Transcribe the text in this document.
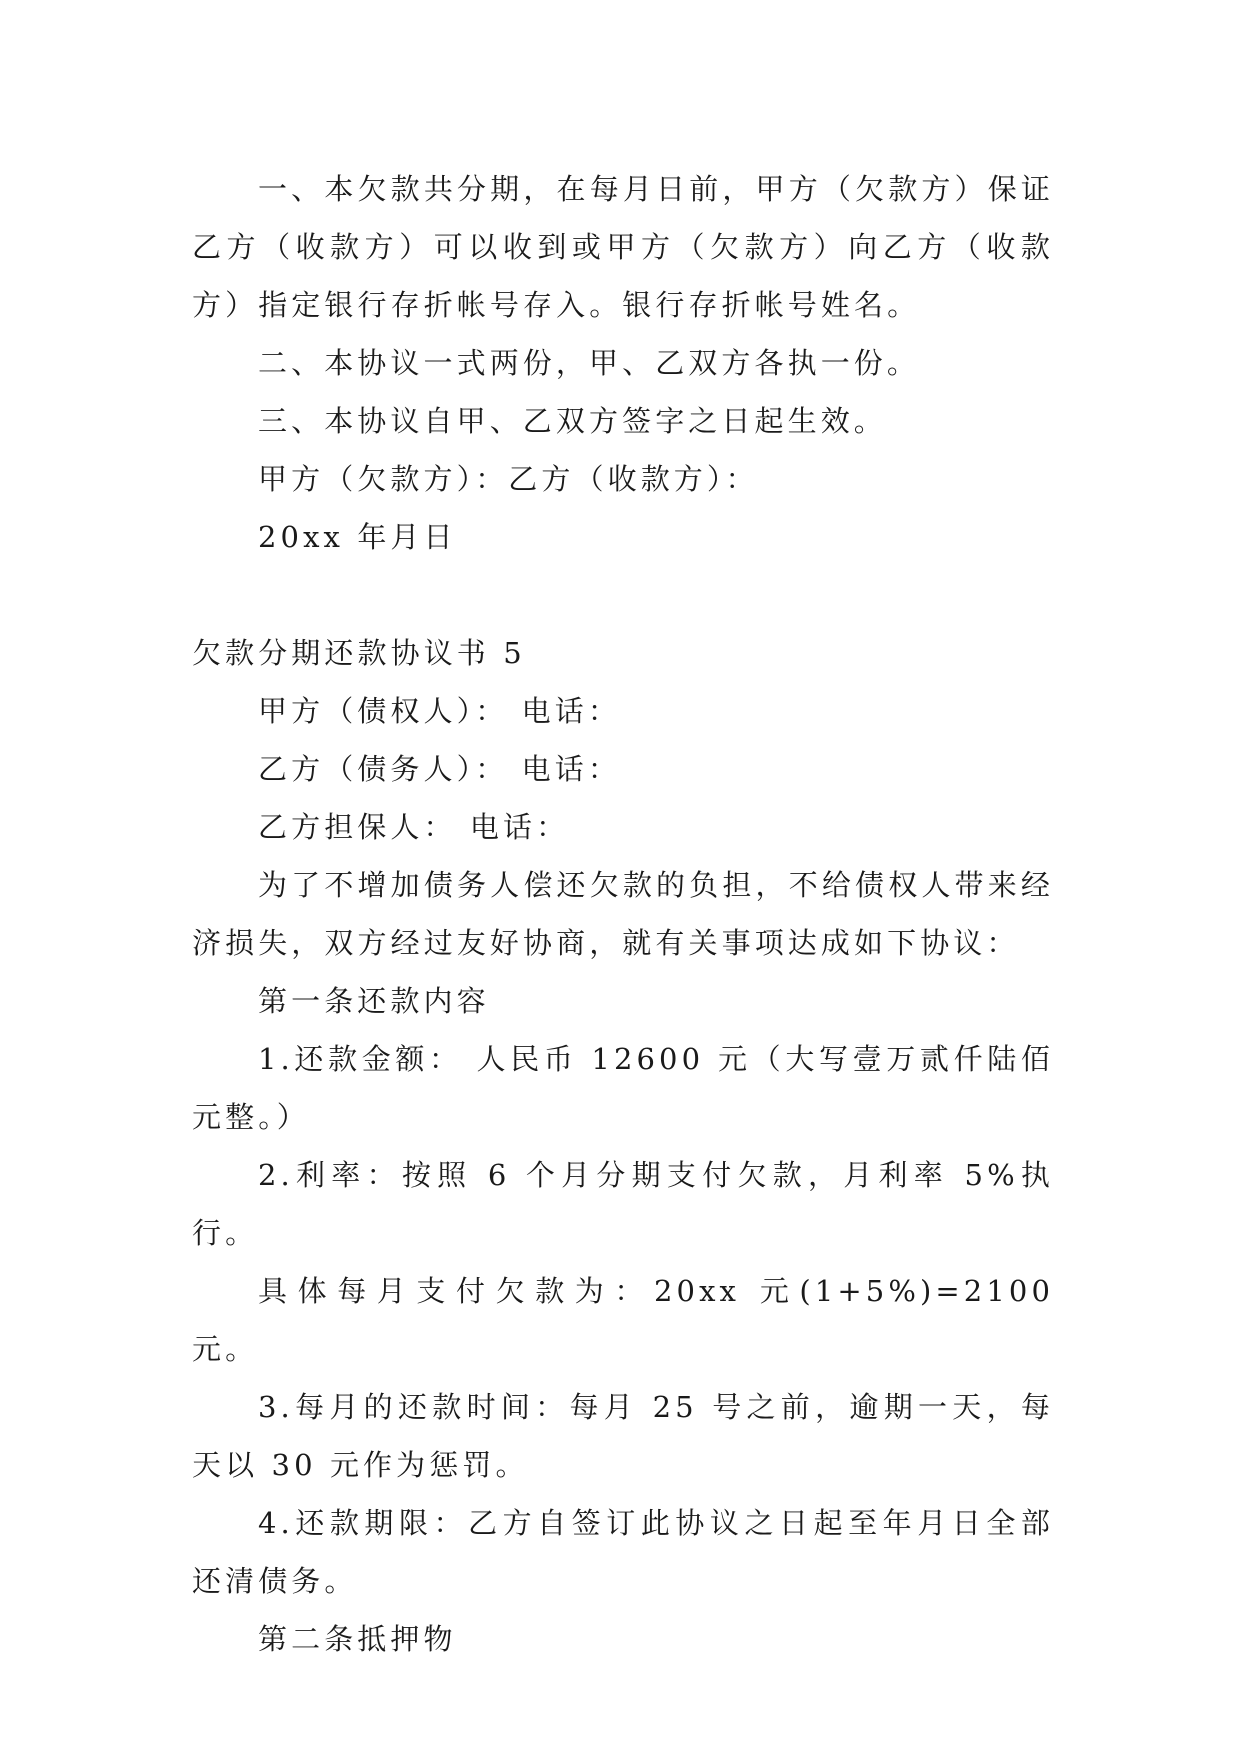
一、本欠款共分期，在每月日前，甲方（欠款方）保证乙方（收款方）可以收到或甲方（欠款方）向乙方（收款方）指定银行存折帐号存入。银行存折帐号姓名。

二、本协议一式两份，甲、乙双方各执一份。

三、本协议自甲、乙双方签字之日起生效。

甲方（欠款方）：乙方（收款方）：

20xx 年月日

欠款分期还款协议书 5

甲方（债权人）： 电话：

乙方（债务人）： 电话：

乙方担保人： 电话：

为了不增加债务人偿还欠款的负担，不给债权人带来经济损失，双方经过友好协商，就有关事项达成如下协议：

第一条还款内容

1.还款金额： 人民币 12600 元（大写壹万贰仟陆佰元整。）

2.利率：按照 6 个月分期支付欠款，月利率 5%执行。

具体每月支付欠款为：20xx 元(1+5%)=2100 元。

3.每月的还款时间：每月 25 号之前，逾期一天，每天以 30 元作为惩罚。

4.还款期限：乙方自签订此协议之日起至年月日全部还清债务。

第二条抵押物
